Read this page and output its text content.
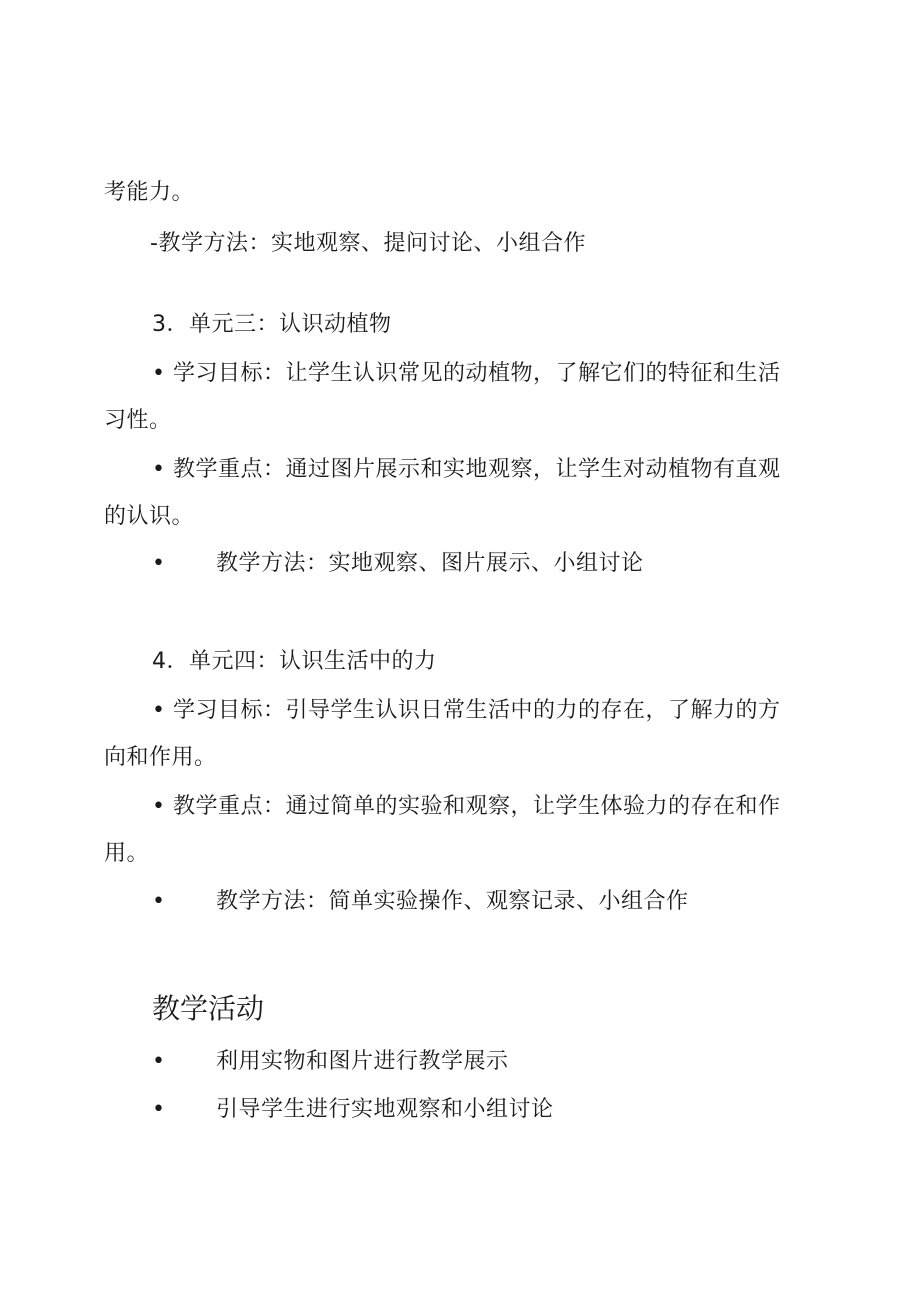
考能力。
-教学方法：实地观察、提问讨论、小组合作
3．单元三：认识动植物
• 学习目标：让学生认识常见的动植物，了解它们的特征和生活
习性。
• 教学重点：通过图片展示和实地观察，让学生对动植物有直观
的认识。
• 教学方法：实地观察、图片展示、小组讨论
4．单元四：认识生活中的力
• 学习目标：引导学生认识日常生活中的力的存在，了解力的方
向和作用。
• 教学重点：通过简单的实验和观察，让学生体验力的存在和作
用。
• 教学方法：简单实验操作、观察记录、小组合作
教学活动
• 利用实物和图片进行教学展示
• 引导学生进行实地观察和小组讨论
